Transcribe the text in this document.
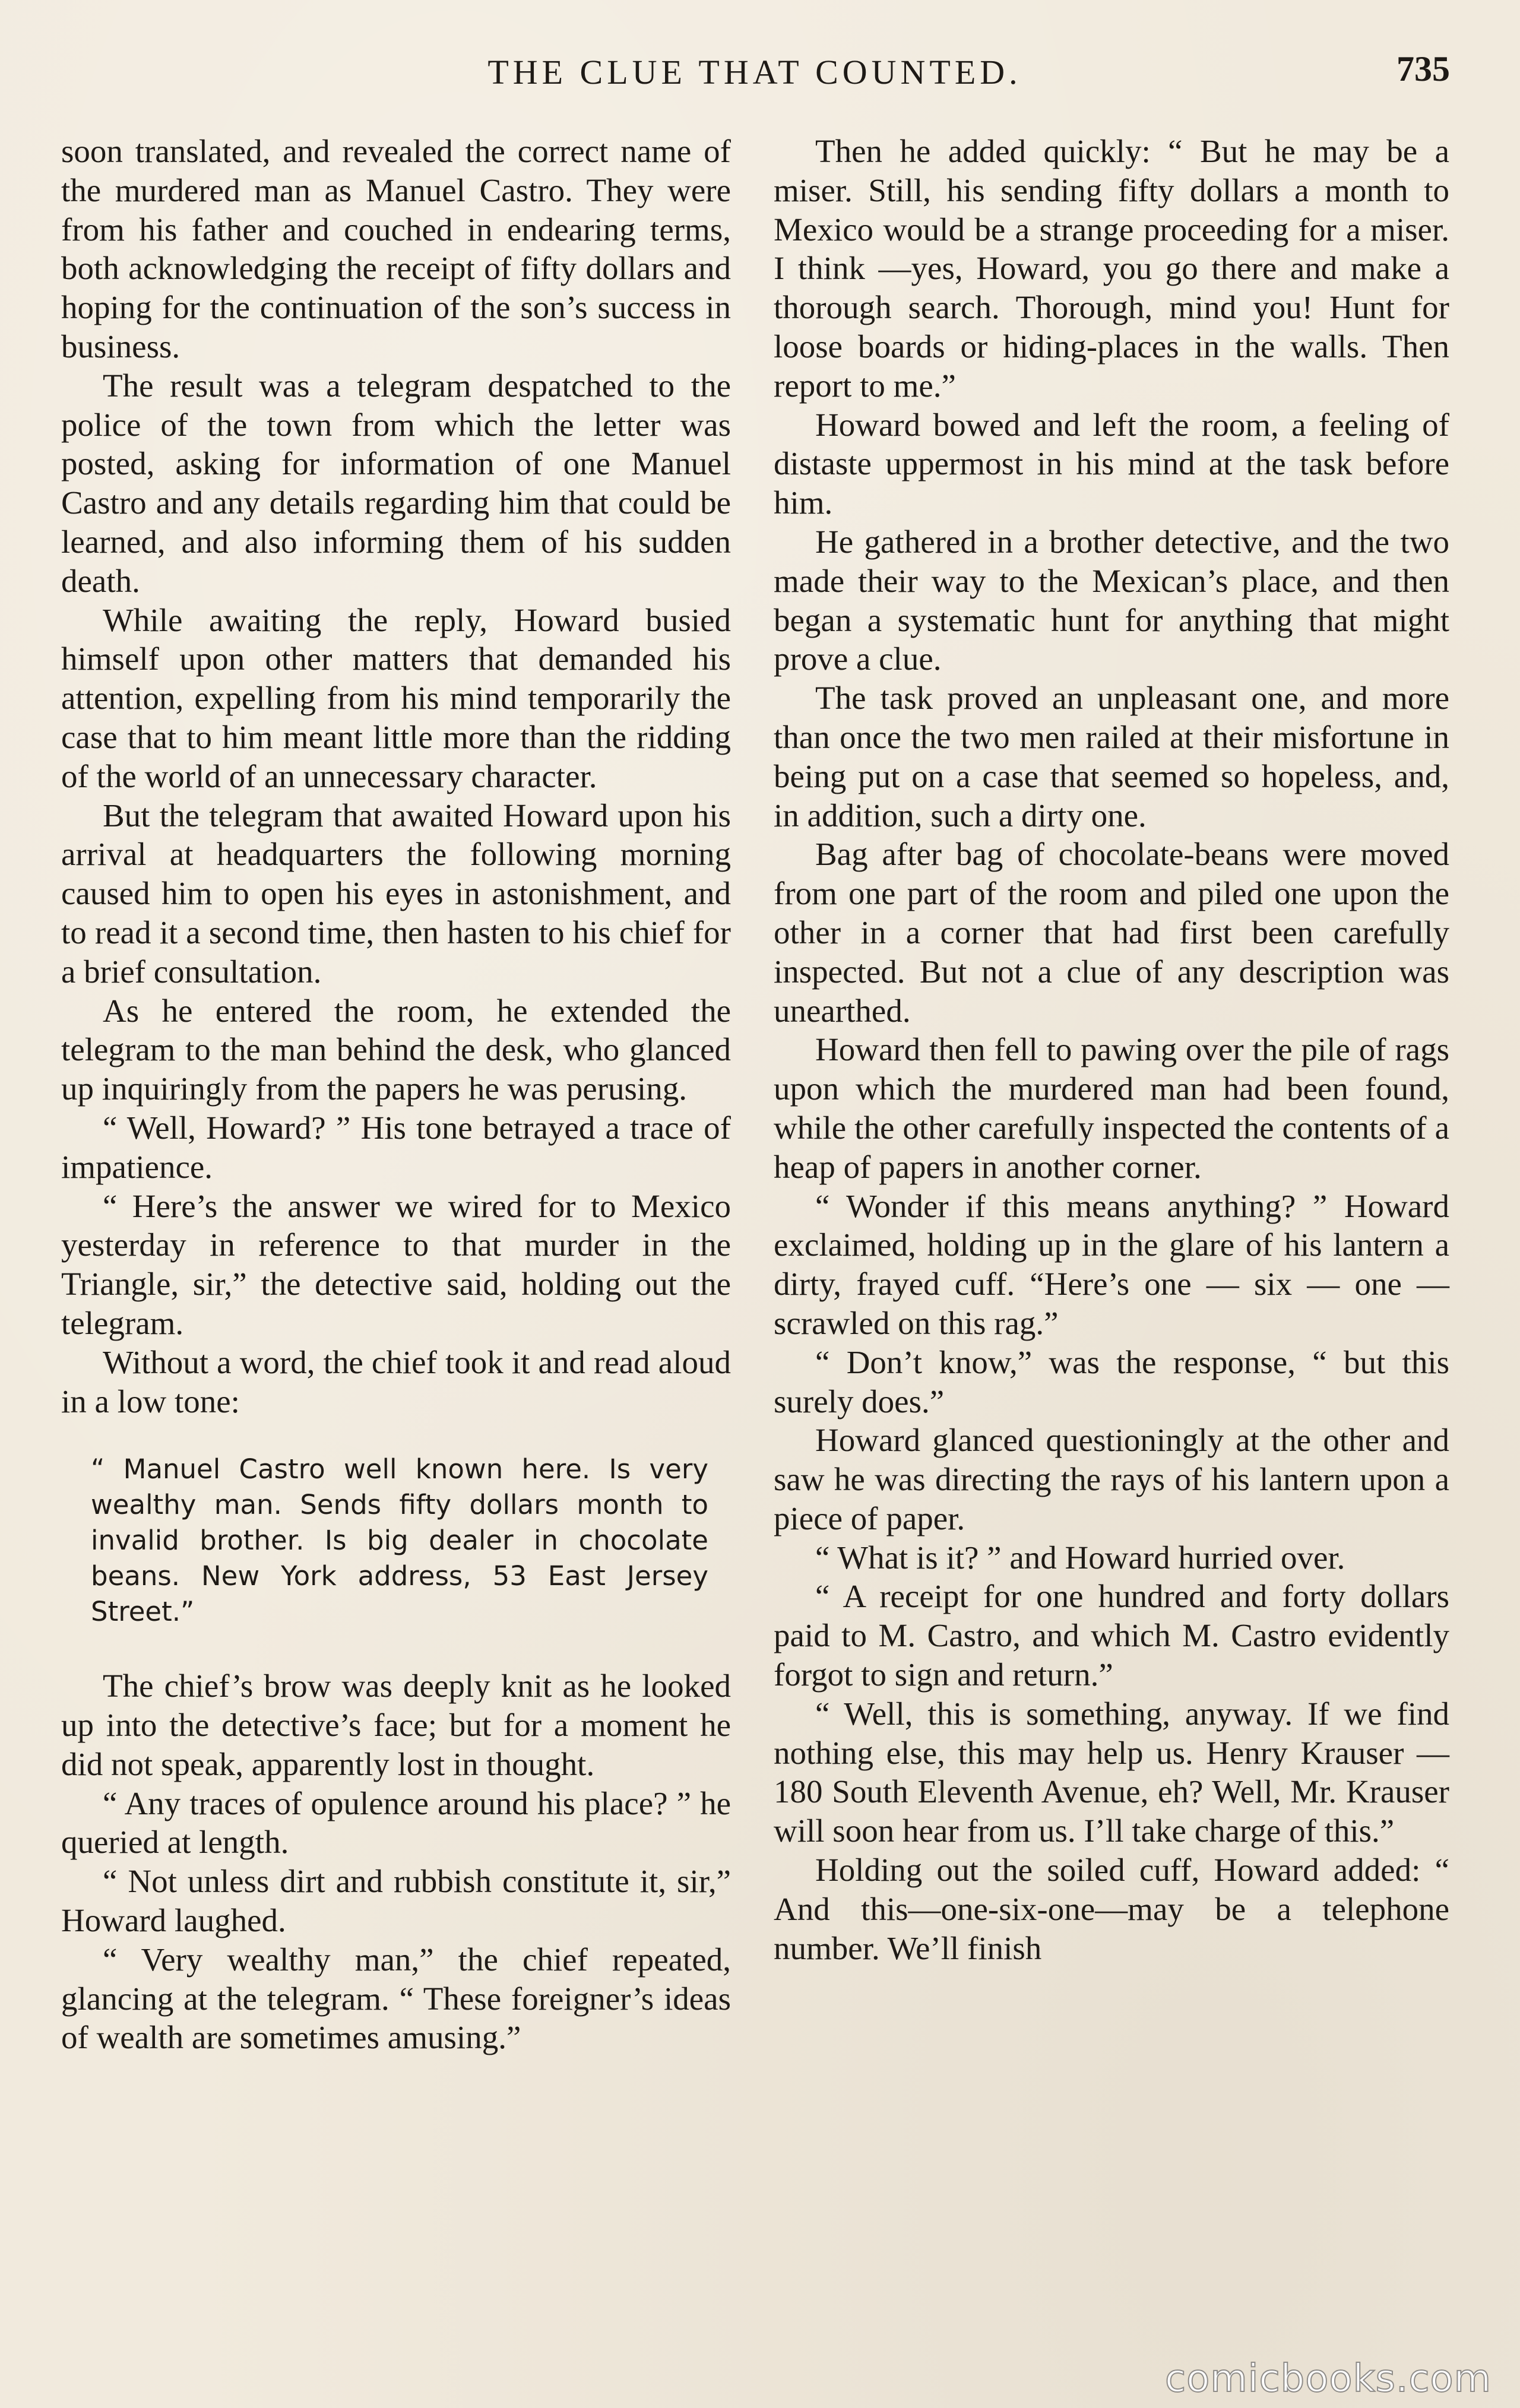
THE CLUE THAT COUNTED.	735

soon translated, and revealed the correct name of the murdered man as Manuel Castro. They were from his father and couched in endearing terms, both acknowledging the receipt of fifty dollars and hoping for the continuation of the son’s success in business.

The result was a telegram despatched to the police of the town from which the letter was posted, asking for information of one Manuel Castro and any details regarding him that could be learned, and also informing them of his sudden death.

While awaiting the reply, Howard busied himself upon other matters that demanded his attention, expelling from his mind temporarily the case that to him meant little more than the ridding of the world of an unnecessary character.

But the telegram that awaited Howard upon his arrival at headquarters the following morning caused him to open his eyes in astonishment, and to read it a second time, then hasten to his chief for a brief consultation.

As he entered the room, he extended the telegram to the man behind the desk, who glanced up inquiringly from the papers he was perusing.

“ Well, Howard? ” His tone betrayed a trace of impatience.

“ Here’s the answer we wired for to Mexico yesterday in reference to that murder in the Triangle, sir,” the detective said, holding out the telegram.

Without a word, the chief took it and read aloud in a low tone:

“ Manuel Castro well known here. Is very wealthy man. Sends fifty dollars month to invalid brother. Is big dealer in chocolate beans. New York address, 53 East Jersey Street.”

The chief’s brow was deeply knit as he looked up into the detective’s face; but for a moment he did not speak, apparently lost in thought.

“ Any traces of opulence around his place? ” he queried at length.

“ Not unless dirt and rubbish constitute it, sir,” Howard laughed.

“ Very wealthy man,” the chief repeated, glancing at the telegram. “ These foreigner’s ideas of wealth are sometimes amusing.”

Then he added quickly: “ But he may be a miser. Still, his sending fifty dollars a month to Mexico would be a strange proceeding for a miser. I think —yes, Howard, you go there and make a thorough search. Thorough, mind you! Hunt for loose boards or hiding-places in the walls. Then report to me.”

Howard bowed and left the room, a feeling of distaste uppermost in his mind at the task before him.

He gathered in a brother detective, and the two made their way to the Mexican’s place, and then began a systematic hunt for anything that might prove a clue.

The task proved an unpleasant one, and more than once the two men railed at their misfortune in being put on a case that seemed so hopeless, and, in addition, such a dirty one.

Bag after bag of chocolate-beans were moved from one part of the room and piled one upon the other in a corner that had first been carefully inspected. But not a clue of any description was unearthed.

Howard then fell to pawing over the pile of rags upon which the murdered man had been found, while the other carefully inspected the contents of a heap of papers in another corner.

“ Wonder if this means anything? ” Howard exclaimed, holding up in the glare of his lantern a dirty, frayed cuff. “Here’s one — six — one — scrawled on this rag.”

“ Don’t know,” was the response, “ but this surely does.”

Howard glanced questioningly at the other and saw he was directing the rays of his lantern upon a piece of paper.

“ What is it? ” and Howard hurried over.

“ A receipt for one hundred and forty dollars paid to M. Castro, and which M. Castro evidently forgot to sign and return.”

“ Well, this is something, anyway. If we find nothing else, this may help us. Henry Krauser — 180 South Eleventh Avenue, eh? Well, Mr. Krauser will soon hear from us. I’ll take charge of this.”

Holding out the soiled cuff, Howard added: “ And this—one-six-one—may be a telephone number. We’ll finish

comicbooks.com
